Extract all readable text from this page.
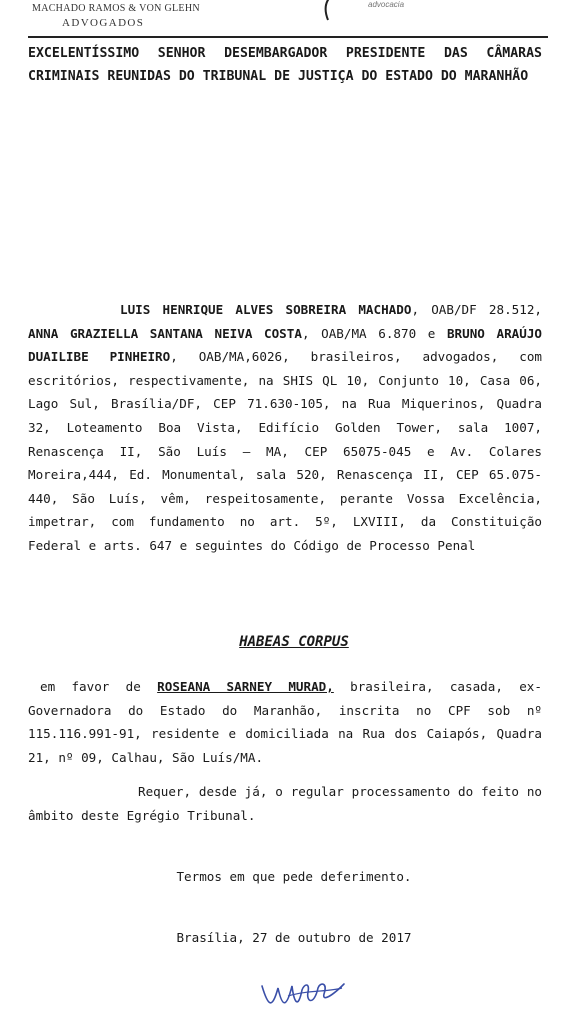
MACHADO RAMOS & VON GLEHN
ADVOGADOS
advocacia

EXCELENTÍSSIMO SENHOR DESEMBARGADOR PRESIDENTE DAS CÂMARAS CRIMINAIS REUNIDAS DO TRIBUNAL DE JUSTIÇA DO ESTADO DO MARANHÃO

LUIS HENRIQUE ALVES SOBREIRA MACHADO, OAB/DF 28.512, ANNA GRAZIELLA SANTANA NEIVA COSTA, OAB/MA 6.870 e BRUNO ARAÚJO DUAILIBE PINHEIRO, OAB/MA,6026, brasileiros, advogados, com escritórios, respectivamente, na SHIS QL 10, Conjunto 10, Casa 06, Lago Sul, Brasília/DF, CEP 71.630-105, na Rua Miquerinos, Quadra 32, Loteamento Boa Vista, Edifício Golden Tower, sala 1007, Renascença II, São Luís – MA, CEP 65075-045 e Av. Colares Moreira,444, Ed. Monumental, sala 520, Renascença II, CEP 65.075-440, São Luís, vêm, respeitosamente, perante Vossa Excelência, impetrar, com fundamento no art. 5º, LXVIII, da Constituição Federal e arts. 647 e seguintes do Código de Processo Penal

HABEAS CORPUS

em favor de ROSEANA SARNEY MURAD, brasileira, casada, ex-Governadora do Estado do Maranhão, inscrita no CPF sob nº 115.116.991-91, residente e domiciliada na Rua dos Caiapós, Quadra 21, nº 09, Calhau, São Luís/MA.

Requer, desde já, o regular processamento do feito no âmbito deste Egrégio Tribunal.

Termos em que pede deferimento.

Brasília, 27 de outubro de 2017
